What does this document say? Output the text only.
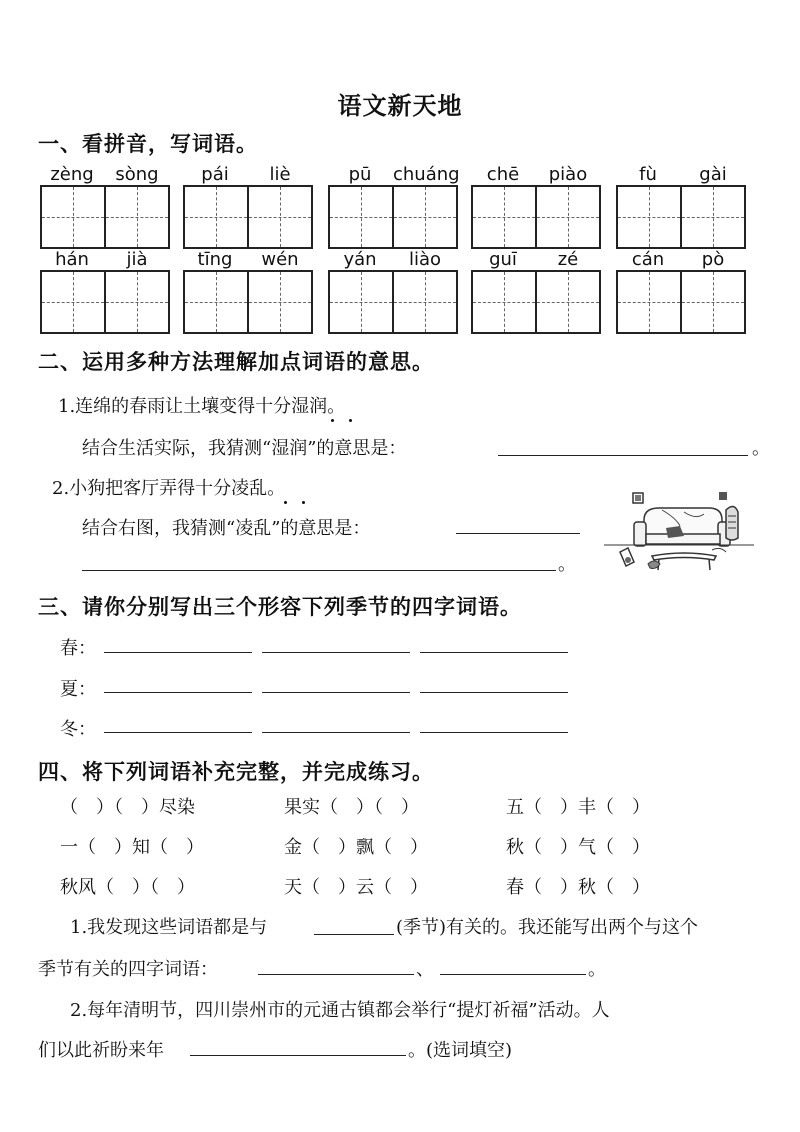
语文新天地
一、看拼音，写词语。
zèng	sòng	pái	liè	pū	chuáng	chē	piào	fù	gài
hán	jià	tīng	wén	yán	liào	guī	zé	cán	pò
二、运用多种方法理解加点词语的意思。
1.连绵的春雨让土壤变得十分湿润。
结合生活实际，我猜测“湿润”的意思是：	。
2.小狗把客厅弄得十分凌乱。
结合右图，我猜测“凌乱”的意思是：
。
三、请你分别写出三个形容下列季节的四字词语。
春：
夏：
冬：
四、将下列词语补充完整，并完成练习。
（　）（　）尽染	果实（　）（　）	五（　）丰（　）
一（　）知（　）	金（　）飘（　）	秋（　）气（　）
秋风（　）（　）	天（　）云（　）	春（　）秋（　）
1.我发现这些词语都是与	(季节)有关的。我还能写出两个与这个
季节有关的四字词语：	、	。
2.每年清明节，四川崇州市的元通古镇都会举行“提灯祈福”活动。人
们以此祈盼来年	。(选词填空)
